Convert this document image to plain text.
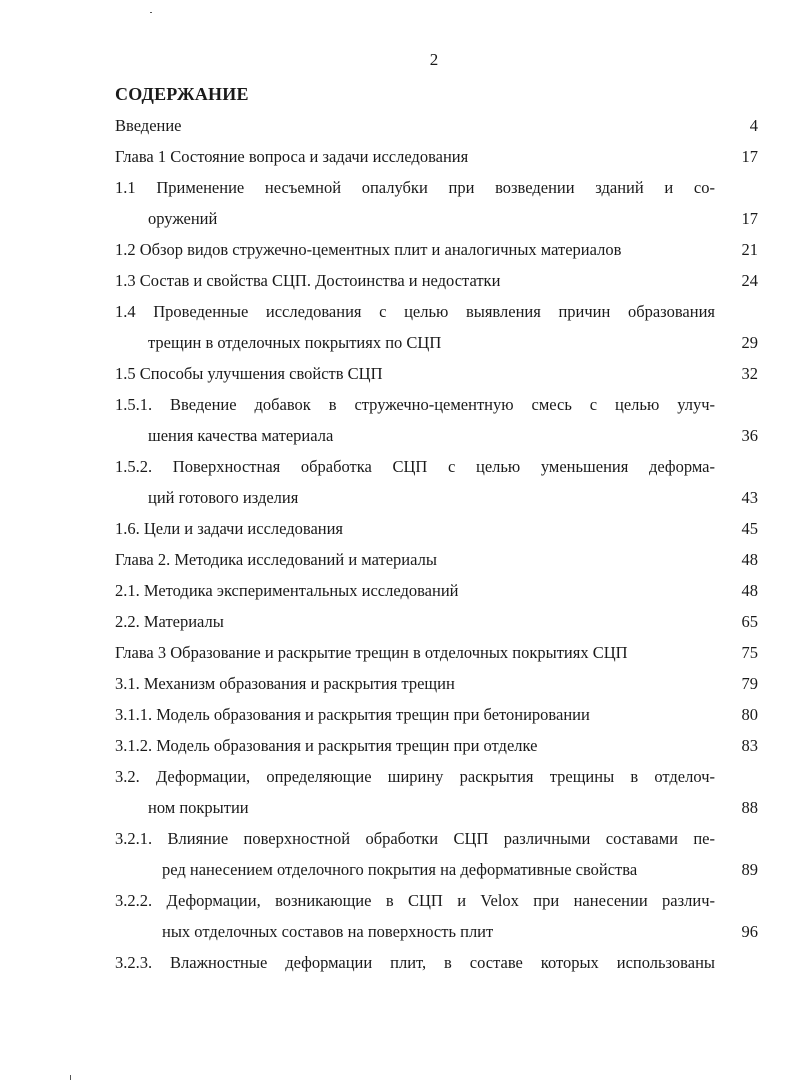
2
СОДЕРЖАНИЕ
Введение	4
Глава 1 Состояние вопроса и задачи исследования	17
1.1 Применение несъемной опалубки при возведении зданий и со-
оружений	17
1.2 Обзор видов стружечно-цементных плит и аналогичных материалов	21
1.3 Состав и свойства СЦП. Достоинства и недостатки	24
1.4 Проведенные исследования с целью выявления причин образования
трещин в отделочных покрытиях по СЦП	29
1.5 Способы улучшения свойств СЦП	32
1.5.1. Введение добавок в стружечно-цементную смесь с целью улуч-
шения качества материала	36
1.5.2. Поверхностная обработка СЦП с целью уменьшения деформа-
ций готового изделия	43
1.6. Цели и задачи исследования	45
Глава 2. Методика исследований и материалы	48
2.1. Методика экспериментальных исследований	48
2.2. Материалы	65
Глава 3 Образование и раскрытие трещин в отделочных покрытиях СЦП	75
3.1. Механизм образования и раскрытия трещин	79
3.1.1. Модель образования и раскрытия трещин при бетонировании	80
3.1.2. Модель образования и раскрытия трещин при отделке	83
3.2. Деформации, определяющие ширину раскрытия трещины в отделоч-
ном покрытии	88
3.2.1. Влияние поверхностной обработки СЦП различными составами пе-
ред нанесением отделочного покрытия на деформативные свойства	89
3.2.2. Деформации, возникающие в СЦП и Velox при нанесении различ-
ных отделочных составов на поверхность плит	96
3.2.3. Влажностные деформации плит, в составе которых использованы
